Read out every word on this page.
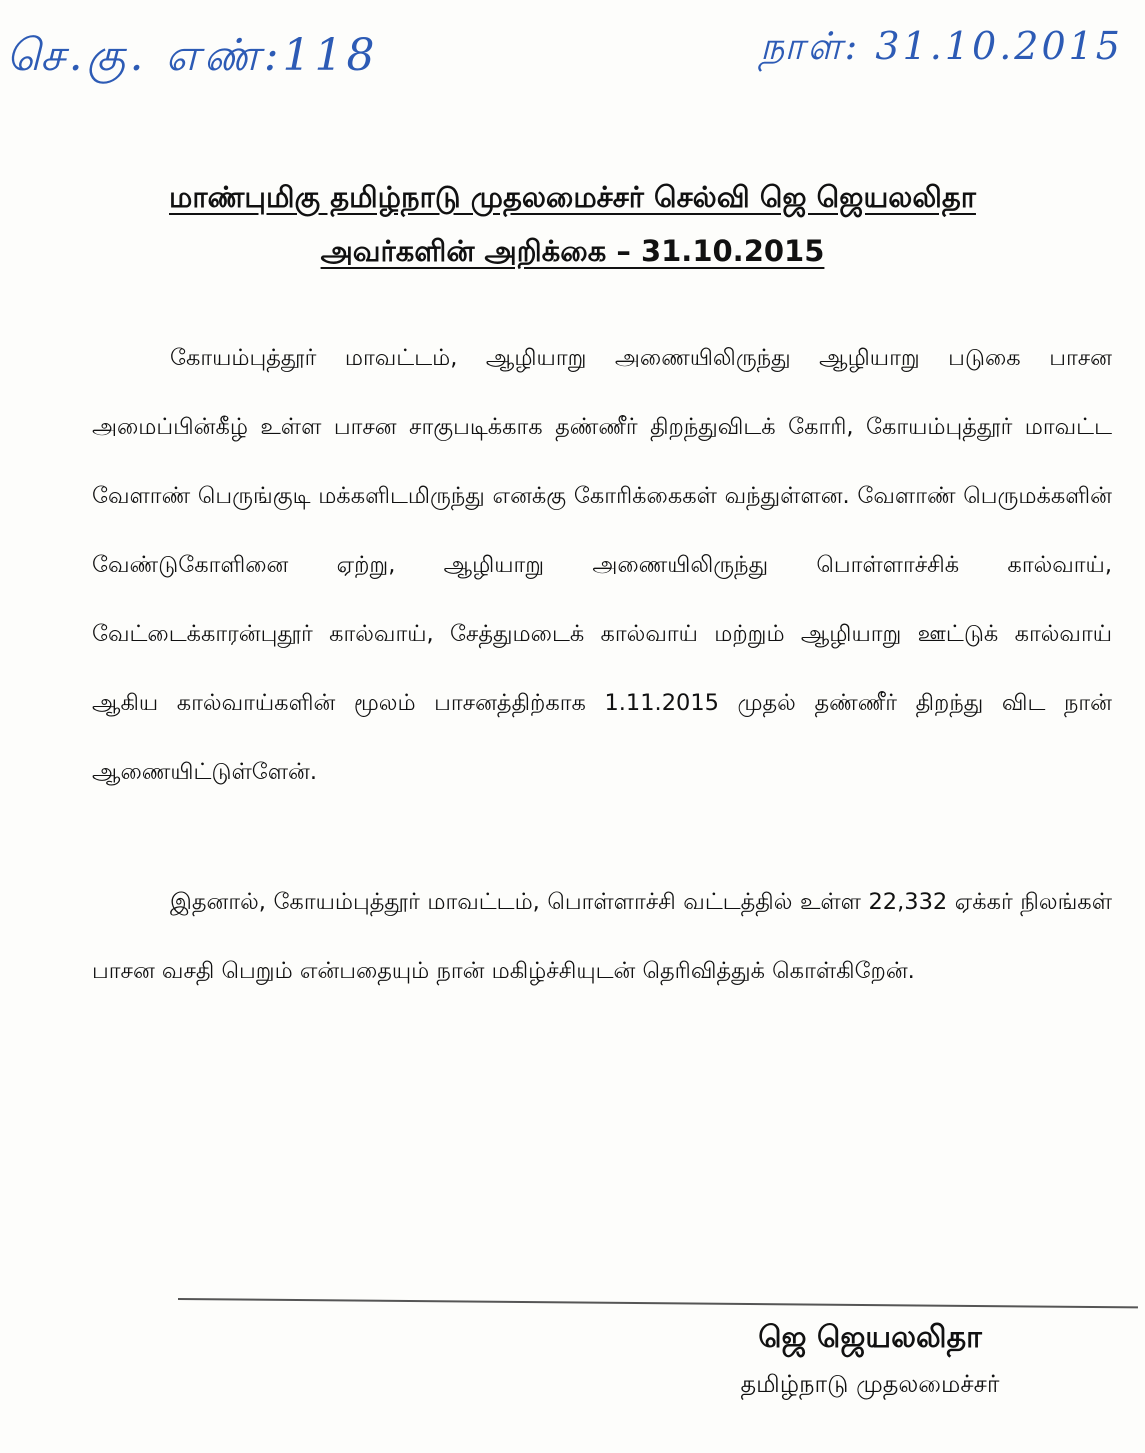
செ.கு. எண்:118	நாள்: 31.10.2015
மாண்புமிகு தமிழ்நாடு முதலமைச்சர் செல்வி ஜெ ஜெயலலிதா
அவர்களின் அறிக்கை – 31.10.2015
கோயம்புத்தூர் மாவட்டம், ஆழியாறு அணையிலிருந்து ஆழியாறு படுகை பாசன அமைப்பின்கீழ் உள்ள பாசன சாகுபடிக்காக தண்ணீர் திறந்துவிடக் கோரி, கோயம்புத்தூர் மாவட்ட வேளாண் பெருங்குடி மக்களிடமிருந்து எனக்கு கோரிக்கைகள் வந்துள்ளன. வேளாண் பெருமக்களின் வேண்டுகோளினை ஏற்று, ஆழியாறு அணையிலிருந்து பொள்ளாச்சிக் கால்வாய், வேட்டைக்காரன்புதூர் கால்வாய், சேத்துமடைக் கால்வாய் மற்றும் ஆழியாறு ஊட்டுக் கால்வாய் ஆகிய கால்வாய்களின் மூலம் பாசனத்திற்காக 1.11.2015 முதல் தண்ணீர் திறந்து விட நான் ஆணையிட்டுள்ளேன்.
இதனால், கோயம்புத்தூர் மாவட்டம், பொள்ளாச்சி வட்டத்தில் உள்ள 22,332 ஏக்கர் நிலங்கள் பாசன வசதி பெறும் என்பதையும் நான் மகிழ்ச்சியுடன் தெரிவித்துக் கொள்கிறேன்.
ஜெ ஜெயலலிதா
தமிழ்நாடு முதலமைச்சர்
